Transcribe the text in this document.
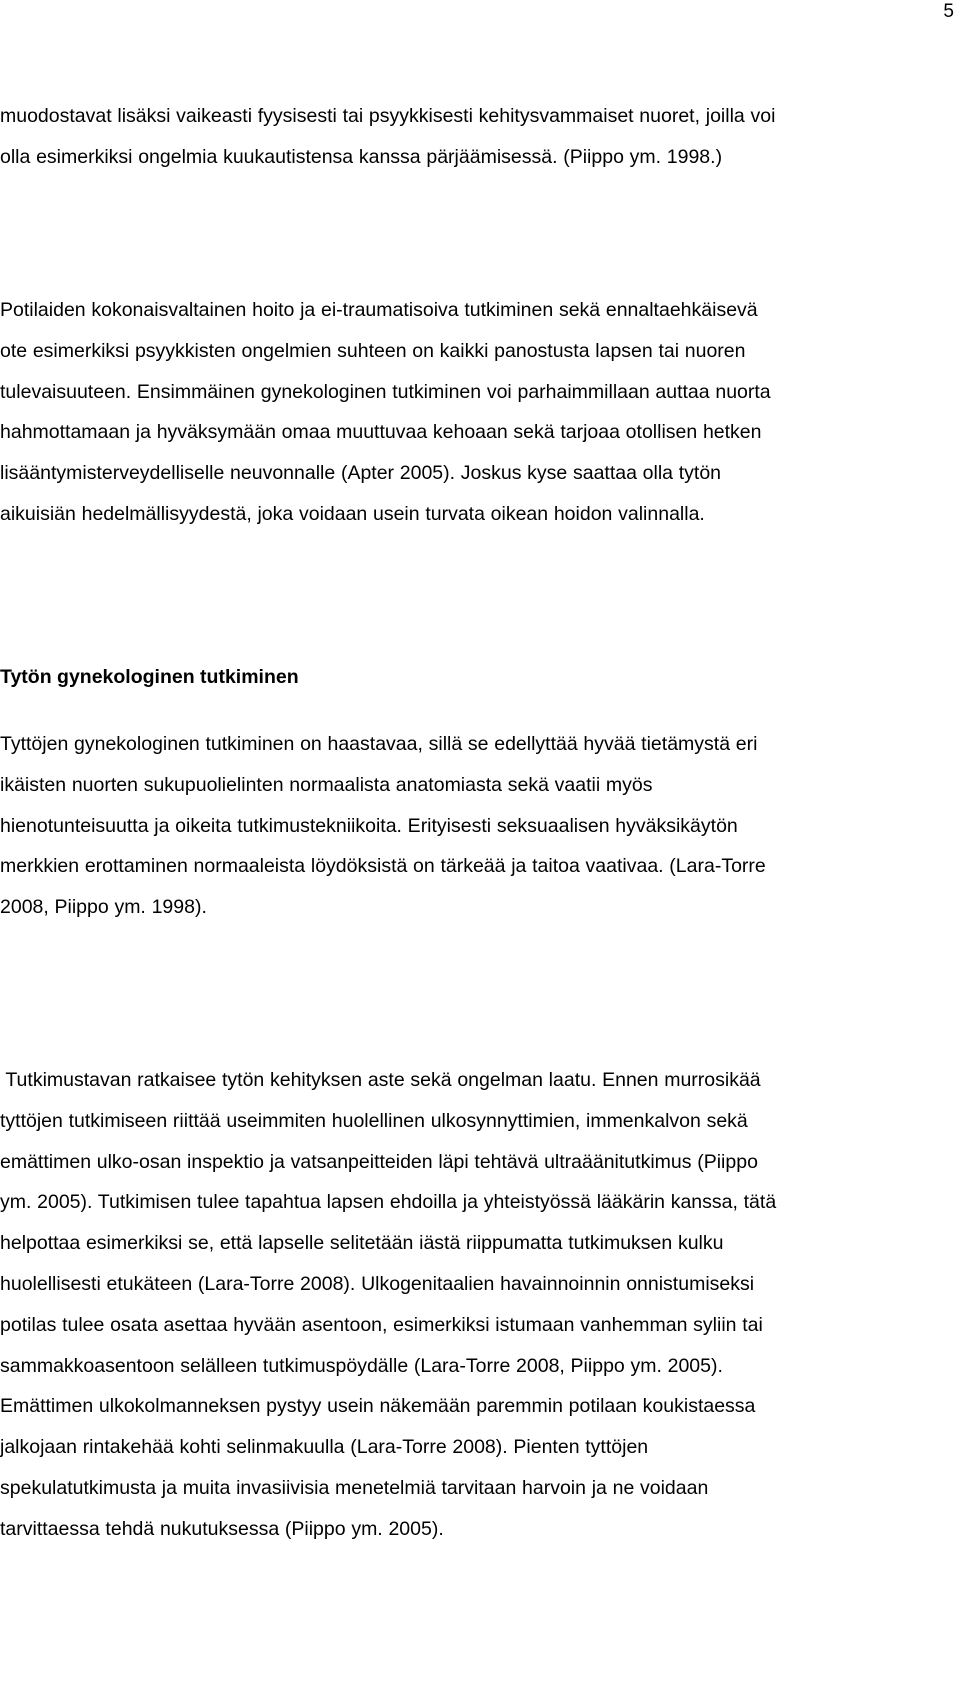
5

muodostavat lisäksi vaikeasti fyysisesti tai psyykkisesti kehitysvammaiset nuoret, joilla voi
olla esimerkiksi ongelmia kuukautistensa kanssa pärjäämisessä. (Piippo ym. 1998.)

Potilaiden kokonaisvaltainen hoito ja ei-traumatisoiva tutkiminen sekä ennaltaehkäisevä
ote esimerkiksi psyykkisten ongelmien suhteen on kaikki panostusta lapsen tai nuoren
tulevaisuuteen. Ensimmäinen gynekologinen tutkiminen voi parhaimmillaan auttaa nuorta
hahmottamaan ja hyväksymään omaa muuttuvaa kehoaan sekä tarjoaa otollisen hetken
lisääntymisterveydelliselle neuvonnalle (Apter 2005). Joskus kyse saattaa olla tytön
aikuisiän hedelmällisyydestä, joka voidaan usein turvata oikean hoidon valinnalla.

Tytön gynekologinen tutkiminen

Tyttöjen gynekologinen tutkiminen on haastavaa, sillä se edellyttää hyvää tietämystä eri
ikäisten nuorten sukupuolielinten normaalista anatomiasta sekä vaatii myös
hienotunteisuutta ja oikeita tutkimustekniikoita. Erityisesti seksuaalisen hyväksikäytön
merkkien erottaminen normaaleista löydöksistä on tärkeää ja taitoa vaativaa. (Lara-Torre
2008, Piippo ym. 1998).

Tutkimustavan ratkaisee tytön kehityksen aste sekä ongelman laatu. Ennen murrosikää
tyttöjen tutkimiseen riittää useimmiten huolellinen ulkosynnyttimien, immenkalvon sekä
emättimen ulko-osan inspektio ja vatsanpeitteiden läpi tehtävä ultraäänitutkimus (Piippo
ym. 2005). Tutkimisen tulee tapahtua lapsen ehdoilla ja yhteistyössä lääkärin kanssa, tätä
helpottaa esimerkiksi se, että lapselle selitetään iästä riippumatta tutkimuksen kulku
huolellisesti etukäteen (Lara-Torre 2008). Ulkogenitaalien havainnoinnin onnistumiseksi
potilas tulee osata asettaa hyvään asentoon, esimerkiksi istumaan vanhemman syliin tai
sammakkoasentoon selälleen tutkimuspöydälle (Lara-Torre 2008, Piippo ym. 2005).
Emättimen ulkokolmanneksen pystyy usein näkemään paremmin potilaan koukistaessa
jalkojaan rintakehää kohti selinmakuulla (Lara-Torre 2008). Pienten tyttöjen
spekulatutkimusta ja muita invasiivisia menetelmiä tarvitaan harvoin ja ne voidaan
tarvittaessa tehdä nukutuksessa (Piippo ym. 2005).
